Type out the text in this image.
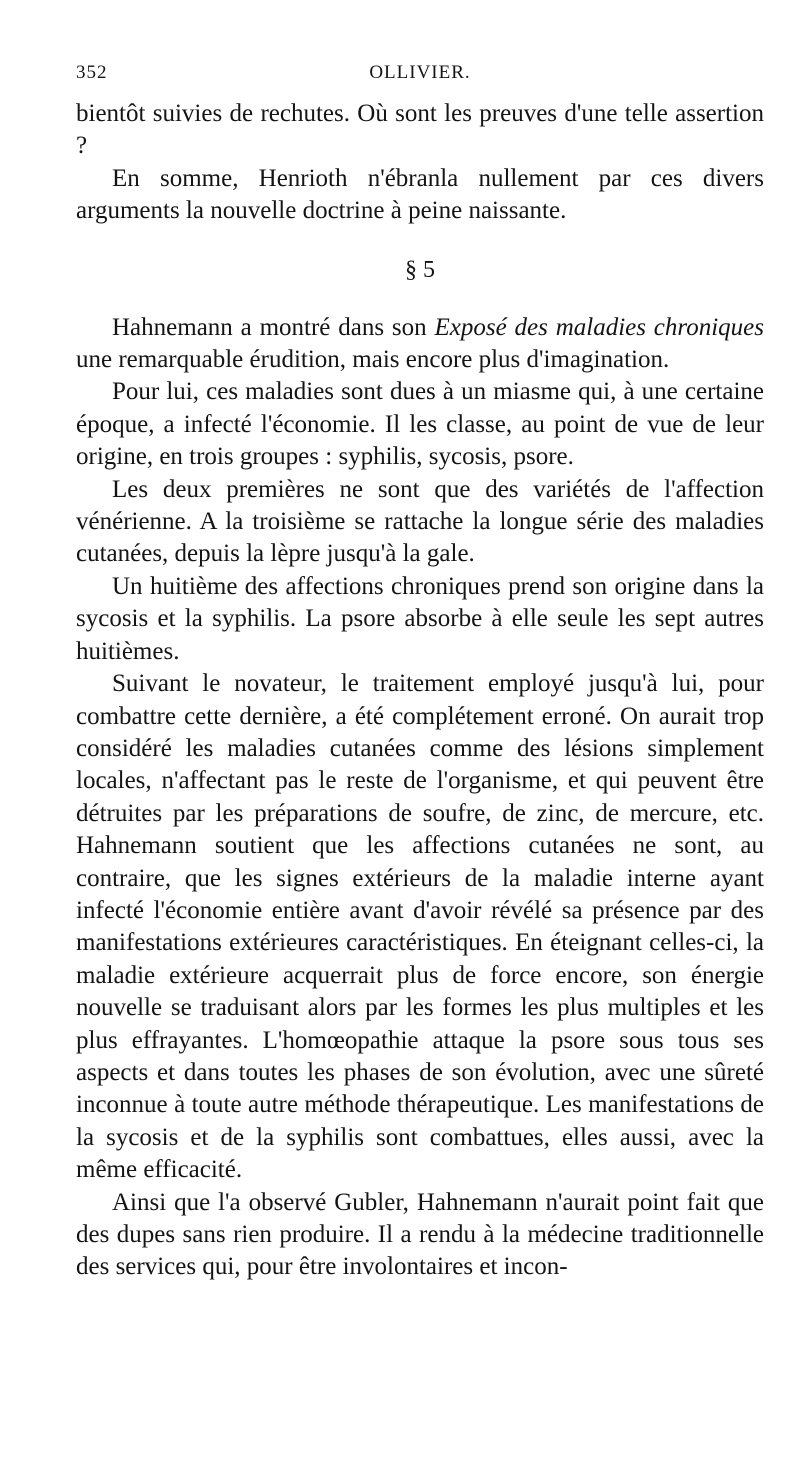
352	OLLIVIER.

bientôt suivies de rechutes. Où sont les preuves d'une telle assertion ?

En somme, Henrioth n'ébranla nullement par ces divers arguments la nouvelle doctrine à peine naissante.

§ 5

Hahnemann a montré dans son Exposé des maladies chroniques une remarquable érudition, mais encore plus d'imagination.

Pour lui, ces maladies sont dues à un miasme qui, à une certaine époque, a infecté l'économie. Il les classe, au point de vue de leur origine, en trois groupes : syphilis, sycosis, psore.

Les deux premières ne sont que des variétés de l'affection vénérienne. A la troisième se rattache la longue série des maladies cutanées, depuis la lèpre jusqu'à la gale.

Un huitième des affections chroniques prend son origine dans la sycosis et la syphilis. La psore absorbe à elle seule les sept autres huitièmes.

Suivant le novateur, le traitement employé jusqu'à lui, pour combattre cette dernière, a été complétement erroné. On aurait trop considéré les maladies cutanées comme des lésions simplement locales, n'affectant pas le reste de l'organisme, et qui peuvent être détruites par les préparations de soufre, de zinc, de mercure, etc. Hahnemann soutient que les affections cutanées ne sont, au contraire, que les signes extérieurs de la maladie interne ayant infecté l'économie entière avant d'avoir révélé sa présence par des manifestations extérieures caractéristiques. En éteignant celles-ci, la maladie extérieure acquerrait plus de force encore, son énergie nouvelle se traduisant alors par les formes les plus multiples et les plus effrayantes. L'homœopathie attaque la psore sous tous ses aspects et dans toutes les phases de son évolution, avec une sûreté inconnue à toute autre méthode thérapeutique. Les manifestations de la sycosis et de la syphilis sont combattues, elles aussi, avec la même efficacité.

Ainsi que l'a observé Gubler, Hahnemann n'aurait point fait que des dupes sans rien produire. Il a rendu à la médecine traditionnelle des services qui, pour être involontaires et incon-
